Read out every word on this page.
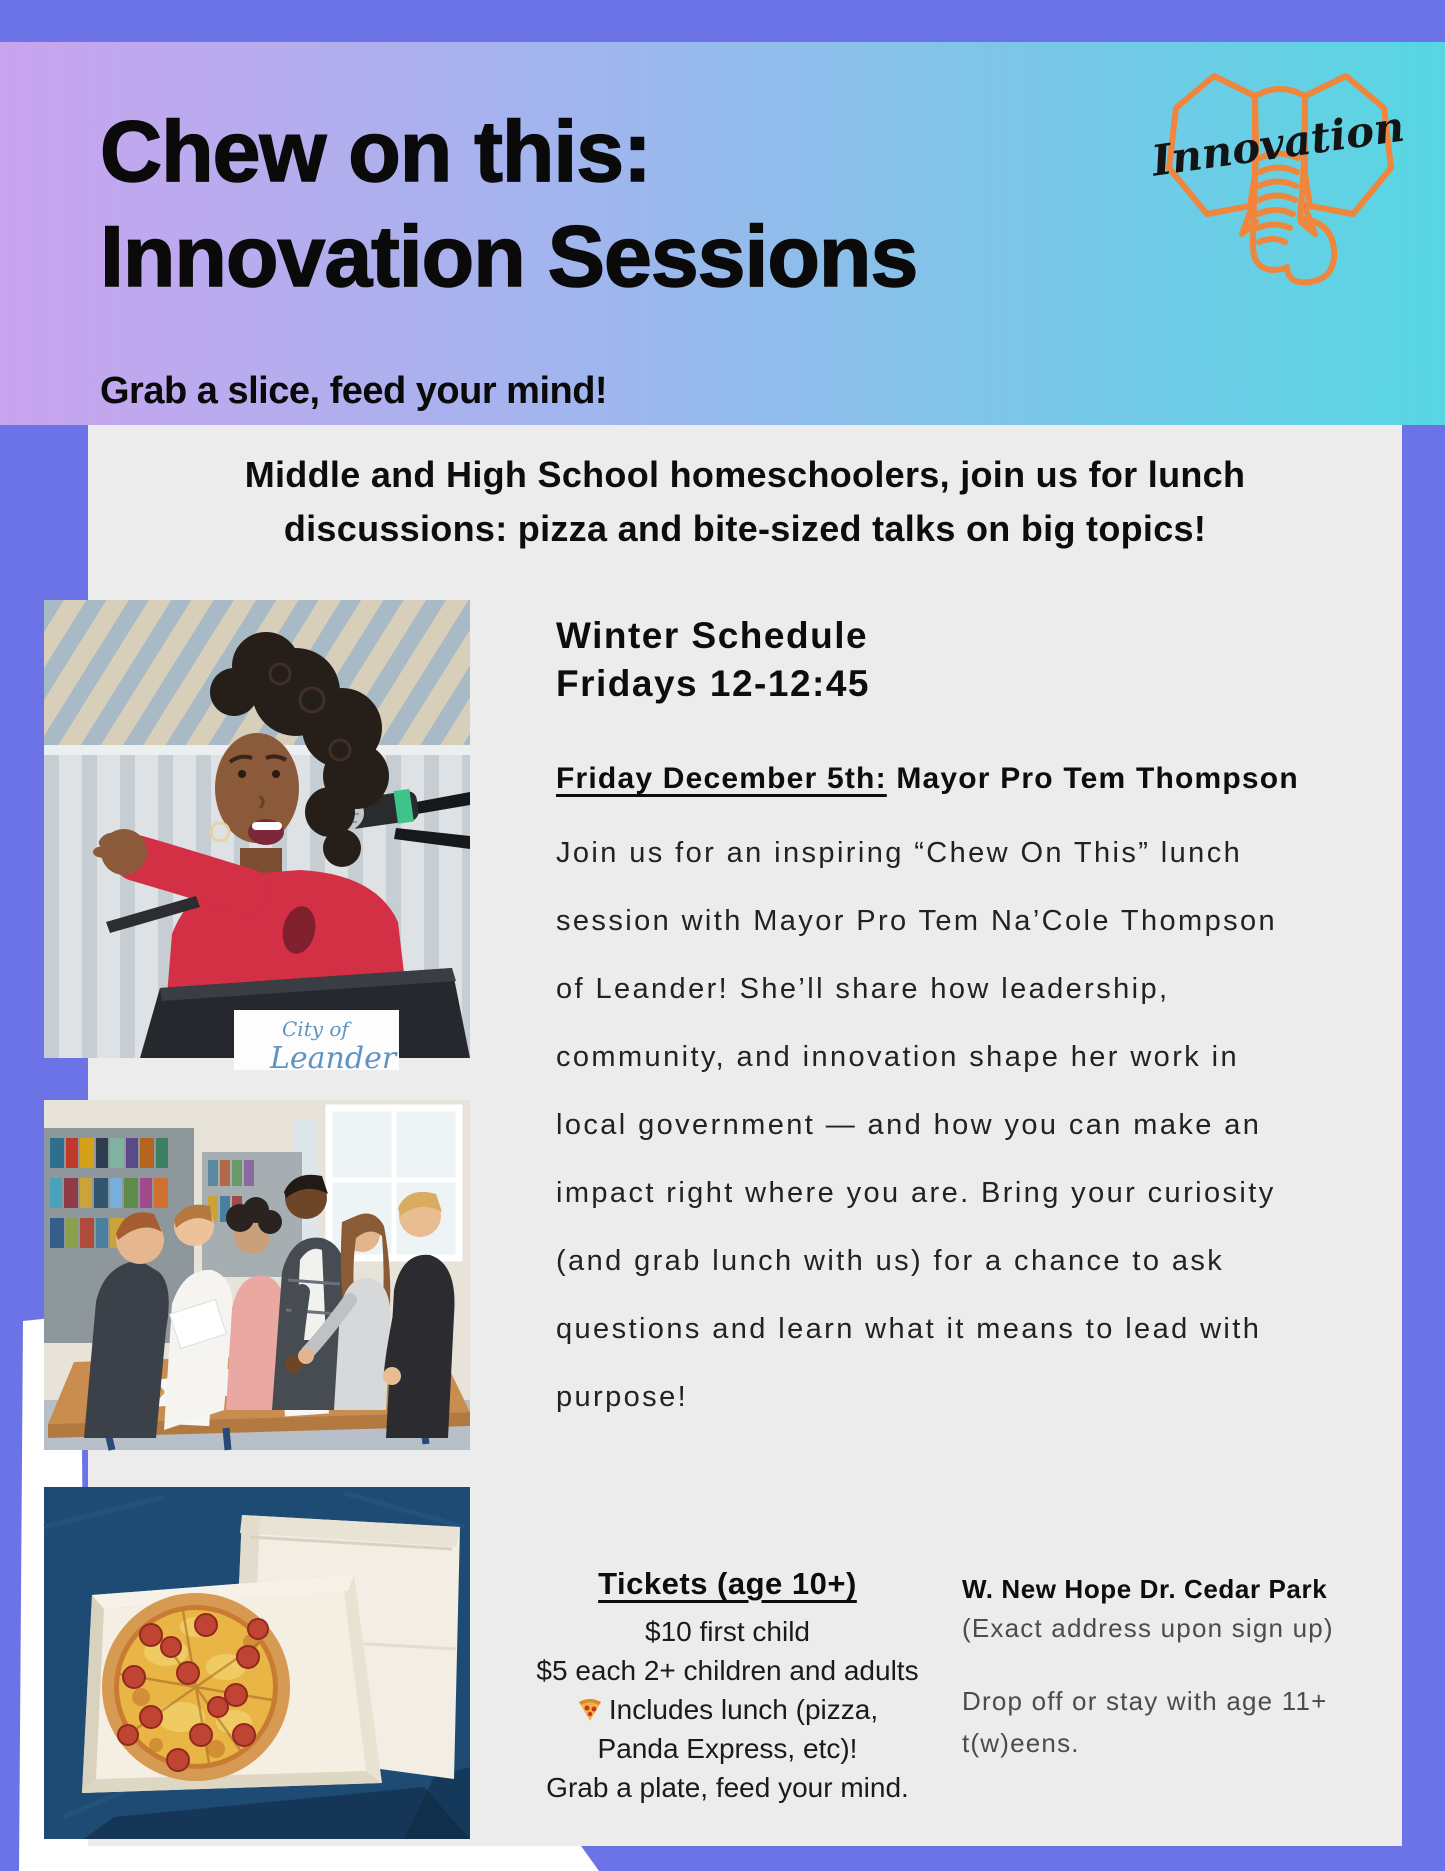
Chew on this:
Innovation Sessions
Grab a slice, feed your mind!
Innovation
Middle and High School homeschoolers, join us for lunch
discussions: pizza and bite-sized talks on big topics!
City of
Leander
Winter Schedule
Fridays 12-12:45
Friday December 5th: Mayor Pro Tem Thompson
Join us for an inspiring “Chew On This” lunch
session with Mayor Pro Tem Na’Cole Thompson
of Leander! She’ll share how leadership,
community, and innovation shape her work in
local government — and how you can make an
impact right where you are. Bring your curiosity
(and grab lunch with us) for a chance to ask
questions and learn what it means to lead with
purpose!
Tickets (age 10+)
$10 first child
$5 each 2+ children and adults
Includes lunch (pizza,
Panda Express, etc)!
Grab a plate, feed your mind.
W. New Hope Dr. Cedar Park
(Exact address upon sign up)
Drop off or stay with age 11+ t(w)eens.
